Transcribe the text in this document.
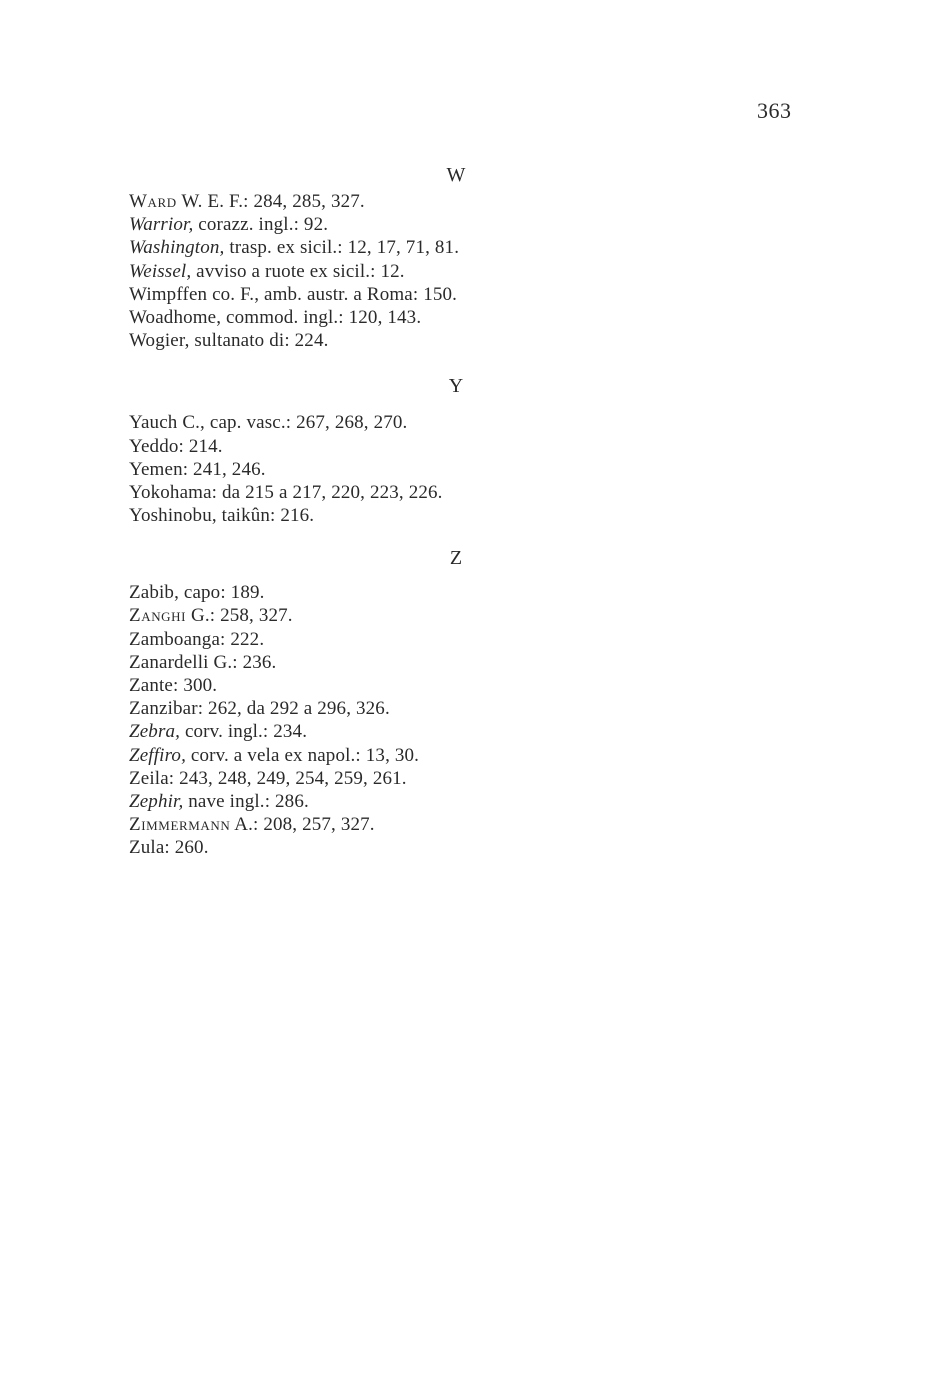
363
W
Ward W. E. F.: 284, 285, 327.
Warrior, corazz. ingl.: 92.
Washington, trasp. ex sicil.: 12, 17, 71, 81.
Weissel, avviso a ruote ex sicil.: 12.
Wimpffen co. F., amb. austr. a Roma: 150.
Woadhome, commod. ingl.: 120, 143.
Wogier, sultanato di: 224.
Y
Yauch C., cap. vasc.: 267, 268, 270.
Yeddo: 214.
Yemen: 241, 246.
Yokohama: da 215 a 217, 220, 223, 226.
Yoshinobu, taikûn: 216.
Z
Zabib, capo: 189.
Zanghi G.: 258, 327.
Zamboanga: 222.
Zanardelli G.: 236.
Zante: 300.
Zanzibar: 262, da 292 a 296, 326.
Zebra, corv. ingl.: 234.
Zeffiro, corv. a vela ex napol.: 13, 30.
Zeila: 243, 248, 249, 254, 259, 261.
Zephir, nave ingl.: 286.
Zimmermann A.: 208, 257, 327.
Zula: 260.
